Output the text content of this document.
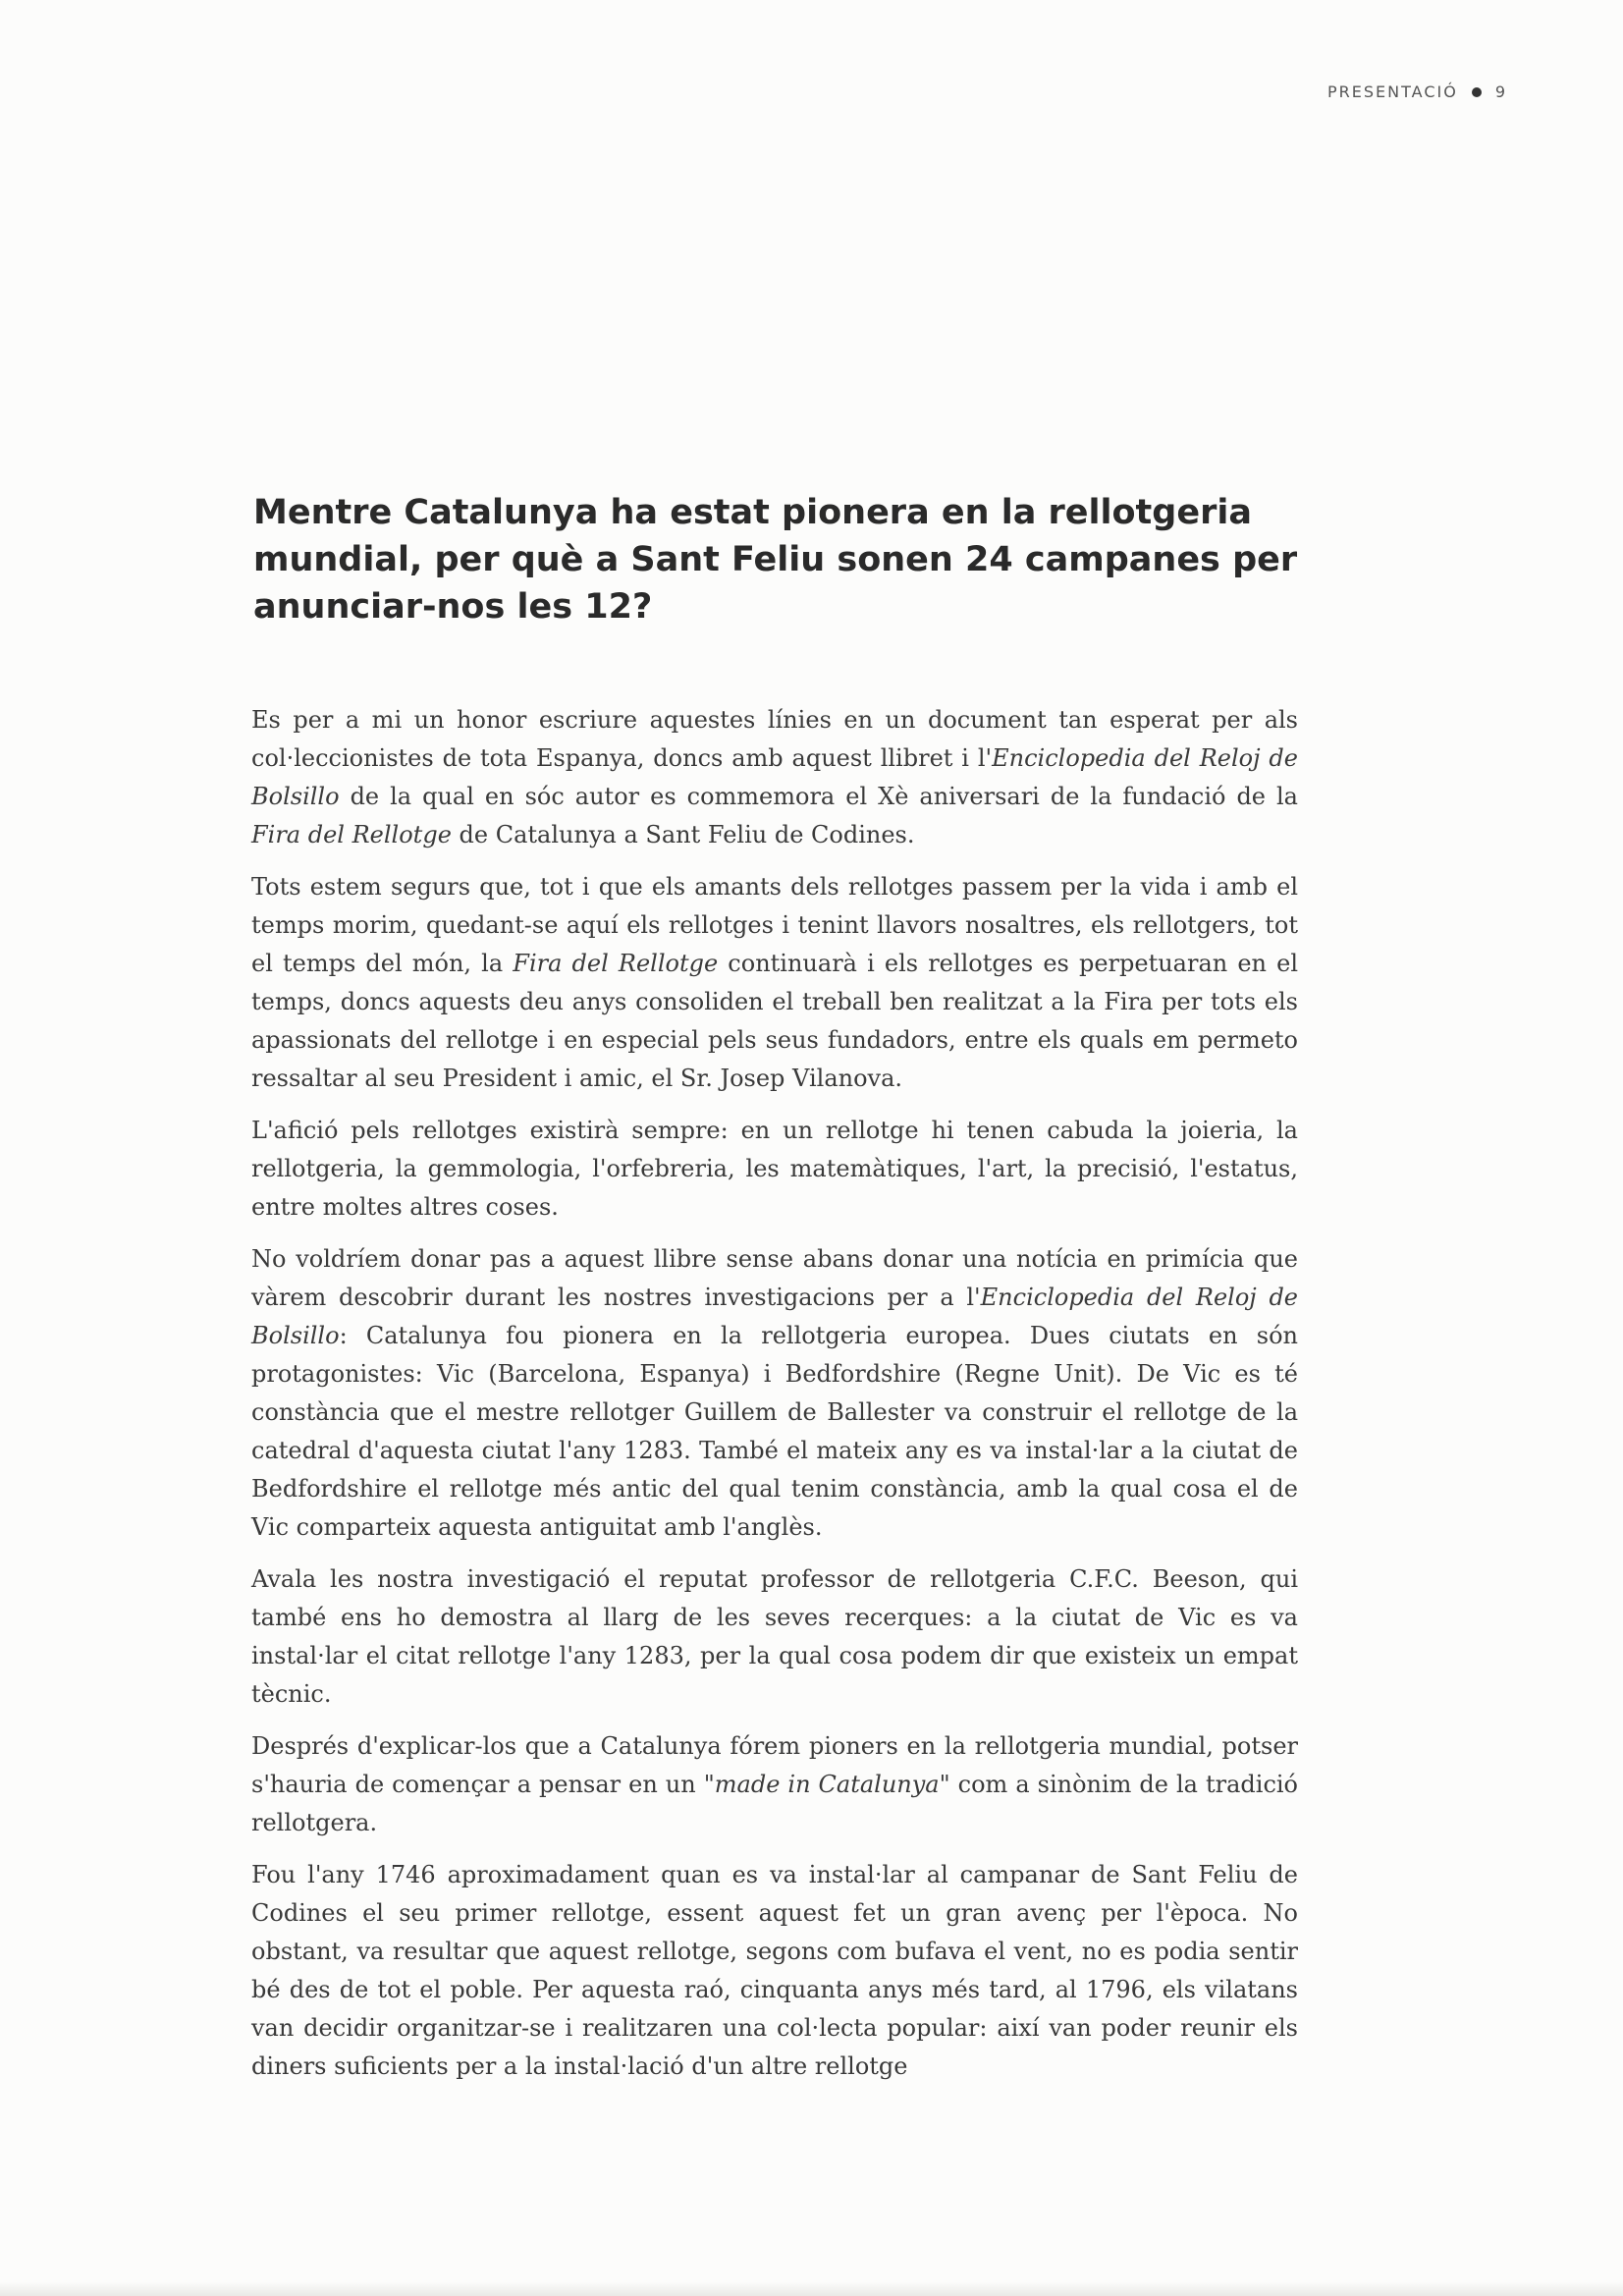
PRESENTACIÓ 9
Mentre Catalunya ha estat pionera en la rellotgeria mundial, per què a Sant Feliu sonen 24 campanes per anunciar-nos les 12?

Es per a mi un honor escriure aquestes línies en un document tan esperat per als col·leccionistes de tota Espanya, doncs amb aquest llibret i l'Enciclopedia del Reloj de Bolsillo de la qual en sóc autor es commemora el Xè aniversari de la fundació de la Fira del Rellotge de Catalunya a Sant Feliu de Codines.

Tots estem segurs que, tot i que els amants dels rellotges passem per la vida i amb el temps morim, quedant-se aquí els rellotges i tenint llavors nosaltres, els rellotgers, tot el temps del món, la Fira del Rellotge continuarà i els rellotges es perpetuaran en el temps, doncs aquests deu anys consoliden el treball ben realitzat a la Fira per tots els apassionats del rellotge i en especial pels seus fundadors, entre els quals em permeto ressaltar al seu President i amic, el Sr. Josep Vilanova.

L'afició pels rellotges existirà sempre: en un rellotge hi tenen cabuda la joieria, la rellotgeria, la gemmologia, l'orfebreria, les matemàtiques, l'art, la precisió, l'estatus, entre moltes altres coses.

No voldríem donar pas a aquest llibre sense abans donar una notícia en primícia que vàrem descobrir durant les nostres investigacions per a l'Enciclopedia del Reloj de Bolsillo: Catalunya fou pionera en la rellotgeria europea. Dues ciutats en són protagonistes: Vic (Barcelona, Espanya) i Bedfordshire (Regne Unit). De Vic es té constància que el mestre rellotger Guillem de Ballester va construir el rellotge de la catedral d'aquesta ciutat l'any 1283. També el mateix any es va instal·lar a la ciutat de Bedfordshire el rellotge més antic del qual tenim constància, amb la qual cosa el de Vic comparteix aquesta antiguitat amb l'anglès.

Avala les nostra investigació el reputat professor de rellotgeria C.F.C. Beeson, qui també ens ho demostra al llarg de les seves recerques: a la ciutat de Vic es va instal·lar el citat rellotge l'any 1283, per la qual cosa podem dir que existeix un empat tècnic.

Després d'explicar-los que a Catalunya fórem pioners en la rellotgeria mundial, potser s'hauria de començar a pensar en un "made in Catalunya" com a sinònim de la tradició rellotgera.

Fou l'any 1746 aproximadament quan es va instal·lar al campanar de Sant Feliu de Codines el seu primer rellotge, essent aquest fet un gran avenç per l'època. No obstant, va resultar que aquest rellotge, segons com bufava el vent, no es podia sentir bé des de tot el poble. Per aquesta raó, cinquanta anys més tard, al 1796, els vilatans van decidir organitzar-se i realitzaren una col·lecta popular: així van poder reunir els diners suficients per a la instal·lació d'un altre rellotge
